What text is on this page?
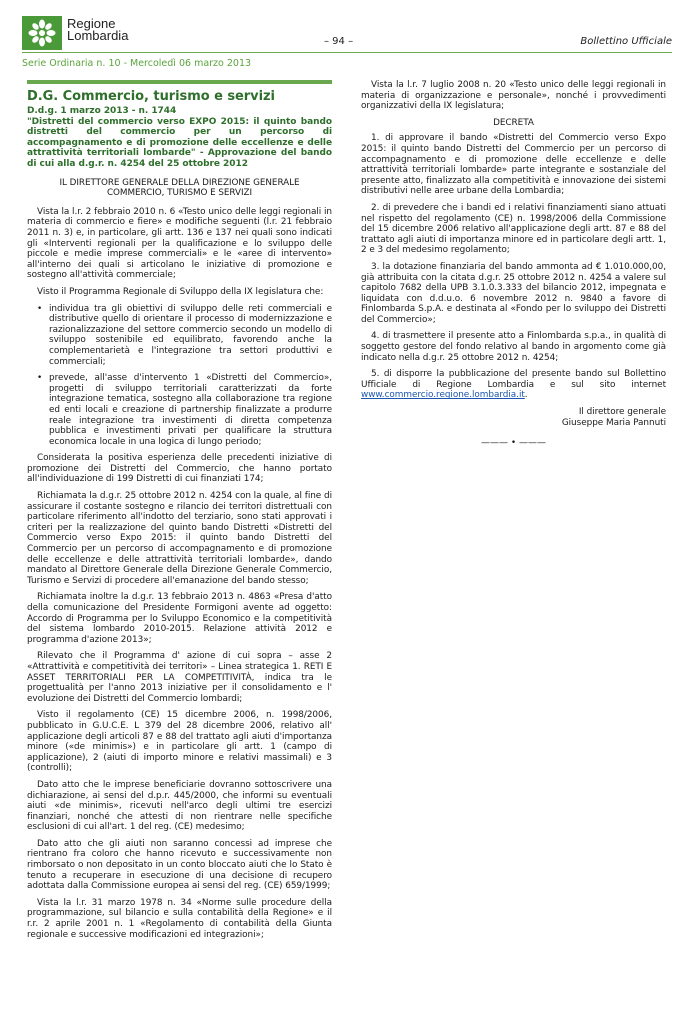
Regione
Lombardia	– 94 –	Bollettino Ufficiale
Serie Ordinaria n. 10 - Mercoledì 06 marzo 2013
D.G. Commercio, turismo e servizi
D.d.g. 1 marzo 2013 - n. 1744
"Distretti del commercio verso EXPO 2015: il quinto bando distretti del commercio per un percorso di accompagnamento e di promozione delle eccellenze e delle attrattività territoriali lombarde" - Approvazione del bando di cui alla d.g.r. n. 4254 del 25 ottobre 2012
IL DIRETTORE GENERALE DELLA DIREZIONE GENERALE
COMMERCIO, TURISMO E SERVIZI

Vista la l.r. 2 febbraio 2010 n. 6 «Testo unico delle leggi regionali in materia di commercio e fiere» e modifiche seguenti (l.r. 21 febbraio 2011 n. 3) e, in particolare, gli artt. 136 e 137 nei quali sono indicati gli «Interventi regionali per la qualificazione e lo sviluppo delle piccole e medie imprese commerciali» e le «aree di intervento» all'interno dei quali si articolano le iniziative di promozione e sostegno all'attività commerciale;

Visto il Programma Regionale di Sviluppo della IX legislatura che:

• individua tra gli obiettivi di sviluppo delle reti commerciali e distributive quello di orientare il processo di modernizzazione e razionalizzazione del settore commercio secondo un modello di sviluppo sostenibile ed equilibrato, favorendo anche la complementarietà e l'integrazione tra settori produttivi e commerciali;
• prevede, all'asse d'intervento 1 «Distretti del Commercio», progetti di sviluppo territoriali caratterizzati da forte integrazione tematica, sostegno alla collaborazione tra regione ed enti locali e creazione di partnership finalizzate a produrre reale integrazione tra investimenti di diretta competenza pubblica e investimenti privati per qualificare la struttura economica locale in una logica di lungo periodo;

Considerata la positiva esperienza delle precedenti iniziative di promozione dei Distretti del Commercio, che hanno portato all'individuazione di 199 Distretti di cui finanziati 174;

Richiamata la d.g.r. 25 ottobre 2012 n. 4254 con la quale, al fine di assicurare il costante sostegno e rilancio dei territori distrettuali con particolare riferimento all'indotto del terziario, sono stati approvati i criteri per la realizzazione del quinto bando Distretti «Distretti del Commercio verso Expo 2015: il quinto bando Distretti del Commercio per un percorso di accompagnamento e di promozione delle eccellenze e delle attrattività territoriali lombarde», dando mandato al Direttore Generale della Direzione Generale Commercio, Turismo e Servizi di procedere all'emanazione del bando stesso;

Richiamata inoltre la d.g.r. 13 febbraio 2013 n. 4863 «Presa d'atto della comunicazione del Presidente Formigoni avente ad oggetto: Accordo di Programma per lo Sviluppo Economico e la competitività del sistema lombardo 2010-2015. Relazione attività 2012 e programma d'azione 2013»;

Rilevato che il Programma d' azione di cui sopra – asse 2 «Attrattività e competitività dei territori» – Linea strategica 1. RETI E ASSET TERRITORIALI PER LA COMPETITIVITÀ, indica tra le progettualità per l'anno 2013 iniziative per il consolidamento e l' evoluzione dei Distretti del Commercio lombardi;

Visto il regolamento (CE) 15 dicembre 2006, n. 1998/2006, pubblicato in G.U.C.E. L 379 del 28 dicembre 2006, relativo all' applicazione degli articoli 87 e 88 del trattato agli aiuti d'importanza minore («de minimis») e in particolare gli artt. 1 (campo di applicazione), 2 (aiuti di importo minore e relativi massimali) e 3 (controlli);

Dato atto che le imprese beneficiarie dovranno sottoscrivere una dichiarazione, ai sensi del d.p.r. 445/2000, che informi su eventuali aiuti «de minimis», ricevuti nell'arco degli ultimi tre esercizi finanziari, nonché che attesti di non rientrare nelle specifiche esclusioni di cui all'art. 1 del reg. (CE) medesimo;

Dato atto che gli aiuti non saranno concessi ad imprese che rientrano fra coloro che hanno ricevuto e successivamente non rimborsato o non depositato in un conto bloccato aiuti che lo Stato è tenuto a recuperare in esecuzione di una decisione di recupero adottata dalla Commissione europea ai sensi del reg. (CE) 659/1999;

Vista la l.r. 31 marzo 1978 n. 34 «Norme sulle procedure della programmazione, sul bilancio e sulla contabilità della Regione» e il r.r. 2 aprile 2001 n. 1 «Regolamento di contabilità della Giunta regionale e successive modificazioni ed integrazioni»;

Vista la l.r. 7 luglio 2008 n. 20 «Testo unico delle leggi regionali in materia di organizzazione e personale», nonché i provvedimenti organizzativi della IX legislatura;

DECRETA

1. di approvare il bando «Distretti del Commercio verso Expo 2015: il quinto bando Distretti del Commercio per un percorso di accompagnamento e di promozione delle eccellenze e delle attrattività territoriali lombarde» parte integrante e sostanziale del presente atto, finalizzato alla competitività e innovazione dei sistemi distributivi nelle aree urbane della Lombardia;

2. di prevedere che i bandi ed i relativi finanziamenti siano attuati nel rispetto del regolamento (CE) n. 1998/2006 della Commissione del 15 dicembre 2006 relativo all'applicazione degli artt. 87 e 88 del trattato agli aiuti di importanza minore ed in particolare degli artt. 1, 2 e 3 del medesimo regolamento;

3. la dotazione finanziaria del bando ammonta ad € 1.010.000,00, già attribuita con la citata d.g.r. 25 ottobre 2012 n. 4254 a valere sul capitolo 7682 della UPB 3.1.0.3.333 del bilancio 2012, impegnata e liquidata con d.d.u.o. 6 novembre 2012 n. 9840 a favore di Finlombarda S.p.A. e destinata al «Fondo per lo sviluppo dei Distretti del Commercio»;

4. di trasmettere il presente atto a Finlombarda s.p.a., in qualità di soggetto gestore del fondo relativo al bando in argomento come già indicato nella d.g.r. 25 ottobre 2012 n. 4254;

5. di disporre la pubblicazione del presente bando sul Bollettino Ufficiale di Regione Lombardia e sul sito internet www.commercio.regione.lombardia.it.

Il direttore generale
Giuseppe Maria Pannuti
——— • ———
